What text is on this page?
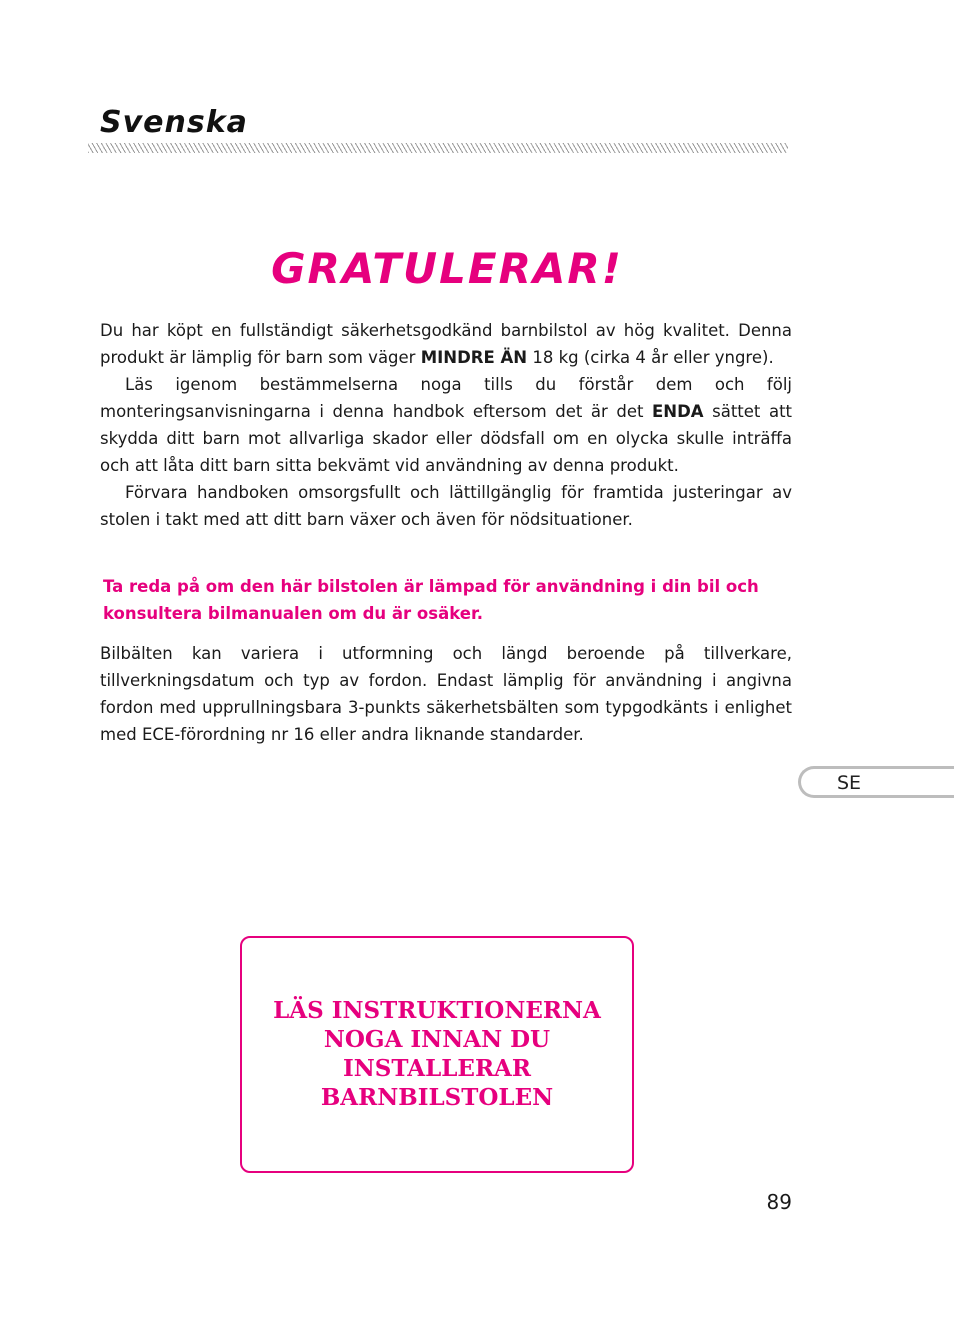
Svenska
GRATULERAR!

Du har köpt en fullständigt säkerhetsgodkänd barnbilstol av hög kvalitet. Denna produkt är lämplig för barn som väger MINDRE ÄN 18 kg (cirka 4 år eller yngre).

Läs igenom bestämmelserna noga tills du förstår dem och följ monteringsanvisningarna i denna handbok eftersom det är det ENDA sättet att skydda ditt barn mot allvarliga skador eller dödsfall om en olycka skulle inträffa och att låta ditt barn sitta bekvämt vid användning av denna produkt.

Förvara handboken omsorgsfullt och lättillgänglig för framtida justeringar av stolen i takt med att ditt barn växer och även för nödsituationer.

Ta reda på om den här bilstolen är lämpad för användning i din bil och konsultera bilmanualen om du är osäker.

Bilbälten kan variera i utformning och längd beroende på tillverkare, tillverkningsdatum och typ av fordon. Endast lämplig för användning i angivna fordon med upprullningsbara 3-punkts säkerhetsbälten som typgodkänts i enlighet med ECE-förordning nr 16 eller andra liknande standarder.

SE

LÄS INSTRUKTIONERNA
NOGA INNAN DU
INSTALLERAR
BARNBILSTOLEN

89
